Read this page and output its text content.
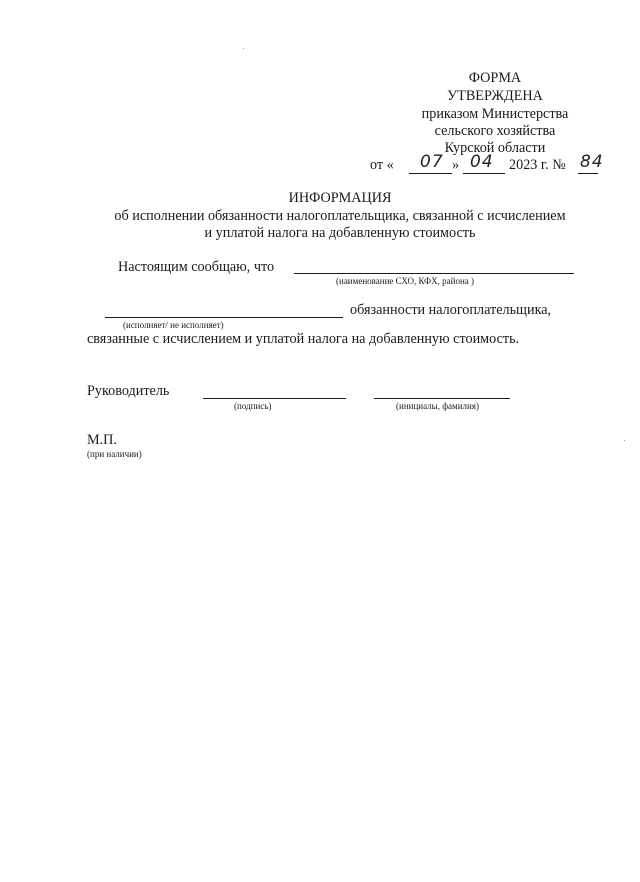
ФОРМА
УТВЕРЖДЕНА
приказом Министерства
сельского хозяйства
Курской области
от « 07 » 04 2023 г. № 84
ИНФОРМАЦИЯ
об исполнении обязанности налогоплательщика, связанной с исчислением
и уплатой налога на добавленную стоимость
Настоящим сообщаю, что
(наименование СХО, КФХ, района )
обязанности налогоплательщика,
(исполняет/ не исполняет)
связанные с исчислением и уплатой налога на добавленную стоимость.
Руководитель
(подпись)	(инициалы, фамилия)
М.П.
(при наличии)
